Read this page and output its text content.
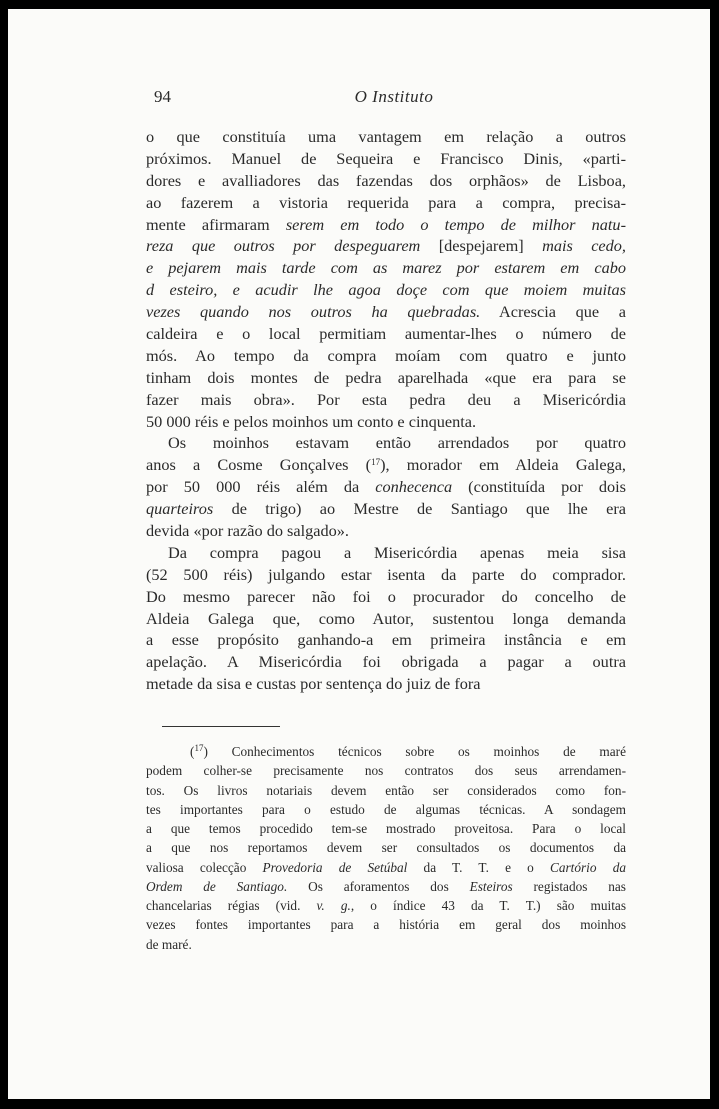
94	O Instituto
o que constituía uma vantagem em relação a outros
próximos. Manuel de Sequeira e Francisco Dinis, «parti-
dores e avalliadores das fazendas dos orphãos» de Lisboa,
ao fazerem a vistoria requerida para a compra, precisa-
mente afirmaram serem em todo o tempo de milhor natu-
reza que outros por despeguarem [despejarem] mais cedo,
e pejarem mais tarde com as marez por estarem em cabo
d esteiro, e acudir lhe agoa doçe com que moiem muitas
vezes quando nos outros ha quebradas. Acrescia que a
caldeira e o local permitiam aumentar-lhes o número de
mós. Ao tempo da compra moíam com quatro e junto
tinham dois montes de pedra aparelhada «que era para se
fazer mais obra». Por esta pedra deu a Misericórdia
50 000 réis e pelos moinhos um conto e cinquenta.
Os moinhos estavam então arrendados por quatro
anos a Cosme Gonçalves ($^{17}$), morador em Aldeia Galega,
por 50 000 réis além da conhecenca (constituída por dois
quarteiros de trigo) ao Mestre de Santiago que lhe era
devida «por razão do salgado».
Da compra pagou a Misericórdia apenas meia sisa
(52 500 réis) julgando estar isenta da parte do comprador.
Do mesmo parecer não foi o procurador do concelho de
Aldeia Galega que, como Autor, sustentou longa demanda
a esse propósito ganhando-a em primeira instância e em
apelação. A Misericórdia foi obrigada a pagar a outra
metade da sisa e custas por sentença do juiz de fora
($^{17}$) Conhecimentos técnicos sobre os moinhos de maré
podem colher-se precisamente nos contratos dos seus arrendamen-
tos. Os livros notariais devem então ser considerados como fon-
tes importantes para o estudo de algumas técnicas. A sondagem
a que temos procedido tem-se mostrado proveitosa. Para o local
a que nos reportamos devem ser consultados os documentos da
valiosa colecção Provedoria de Setúbal da T. T. e o Cartório da
Ordem de Santiago. Os aforamentos dos Esteiros registados nas
chancelarias régias (vid. v. g., o índice 43 da T. T.) são muitas
vezes fontes importantes para a história em geral dos moinhos
de maré.
